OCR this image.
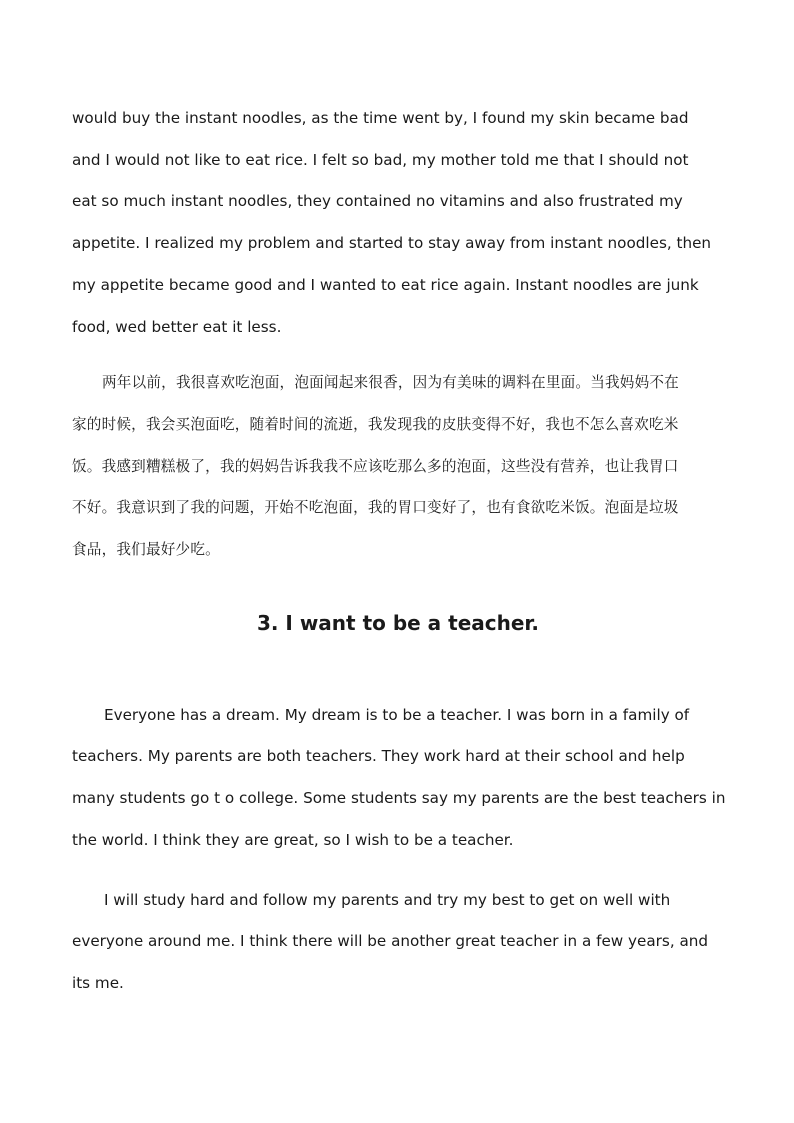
would buy the instant noodles, as the time went by, I found my skin became bad
and I would not like to eat rice. I felt so bad, my mother told me that I should not
eat so much instant noodles, they contained no vitamins and also frustrated my
appetite. I realized my problem and started to stay away from instant noodles, then
my appetite became good and I wanted to eat rice again. Instant noodles are junk
food, wed better eat it less.

两年以前，我很喜欢吃泡面，泡面闻起来很香，因为有美味的调料在里面。当我妈妈不在
家的时候，我会买泡面吃，随着时间的流逝，我发现我的皮肤变得不好，我也不怎么喜欢吃米
饭。我感到糟糕极了，我的妈妈告诉我我不应该吃那么多的泡面，这些没有营养，也让我胃口
不好。我意识到了我的问题，开始不吃泡面，我的胃口变好了，也有食欲吃米饭。泡面是垃圾
食品，我们最好少吃。

3. I want to be a teacher.

Everyone has a dream. My dream is to be a teacher. I was born in a family of
teachers. My parents are both teachers. They work hard at their school and help
many students go t o college. Some students say my parents are the best teachers in
the world. I think they are great, so I wish to be a teacher.

I will study hard and follow my parents and try my best to get on well with
everyone around me. I think there will be another great teacher in a few years, and
its me.
